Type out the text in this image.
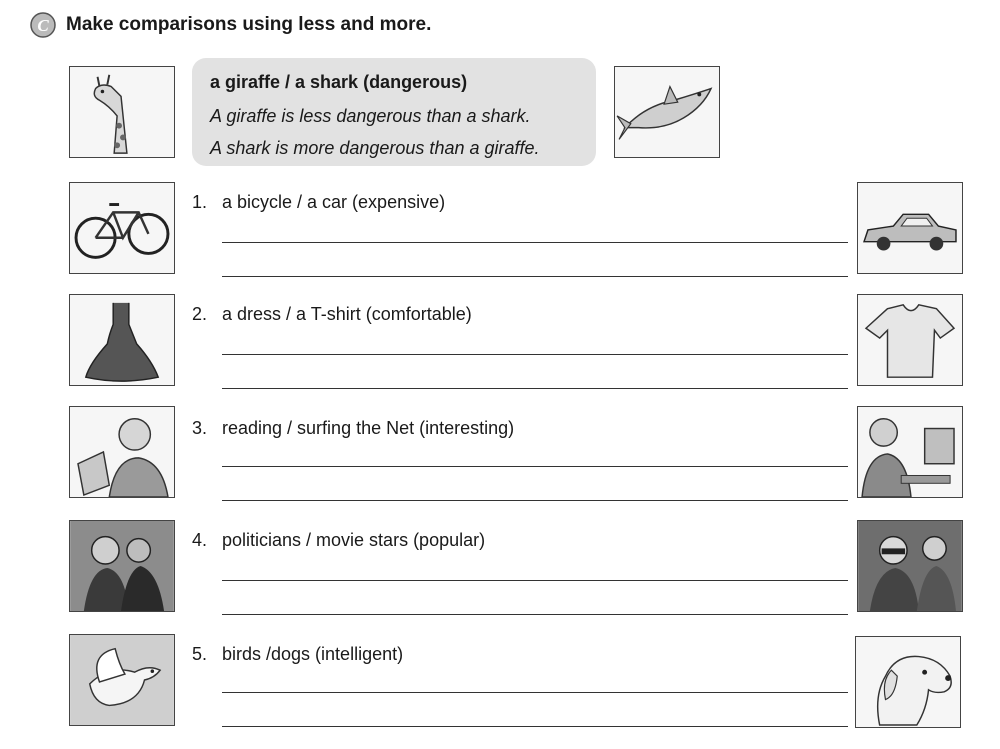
C Make comparisons using less and more.
a giraffe / a shark (dangerous)
A giraffe is less dangerous than a shark.
A shark is more dangerous than a giraffe.
1. a bicycle / a car (expensive)
2. a dress / a T-shirt (comfortable)
3. reading / surfing the Net (interesting)
4. politicians / movie stars (popular)
5. birds /dogs (intelligent)
